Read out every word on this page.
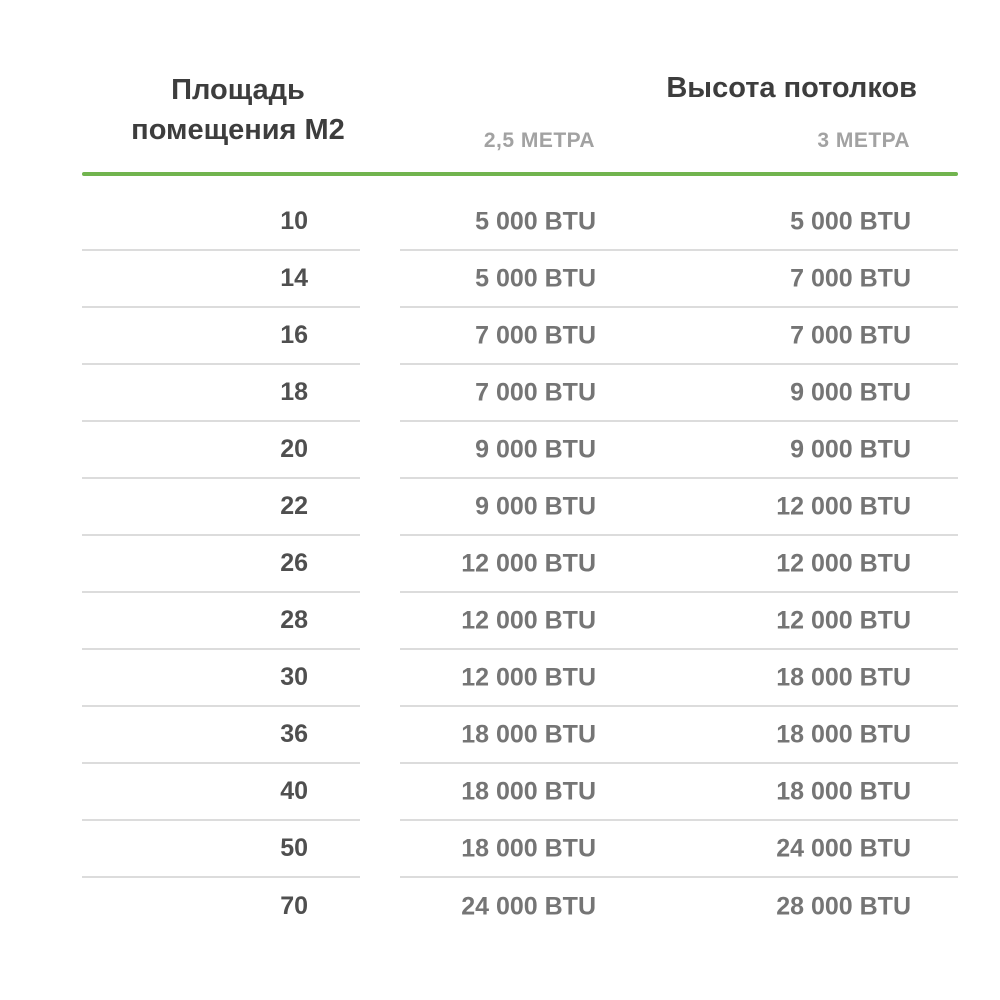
Площадь
помещения М2
Высота потолков
2,5 МЕТРА	3 МЕТРА
10	5 000 BTU	5 000 BTU
14	5 000 BTU	7 000 BTU
16	7 000 BTU	7 000 BTU
18	7 000 BTU	9 000 BTU
20	9 000 BTU	9 000 BTU
22	9 000 BTU	12 000 BTU
26	12 000 BTU	12 000 BTU
28	12 000 BTU	12 000 BTU
30	12 000 BTU	18 000 BTU
36	18 000 BTU	18 000 BTU
40	18 000 BTU	18 000 BTU
50	18 000 BTU	24 000 BTU
70	24 000 BTU	28 000 BTU
